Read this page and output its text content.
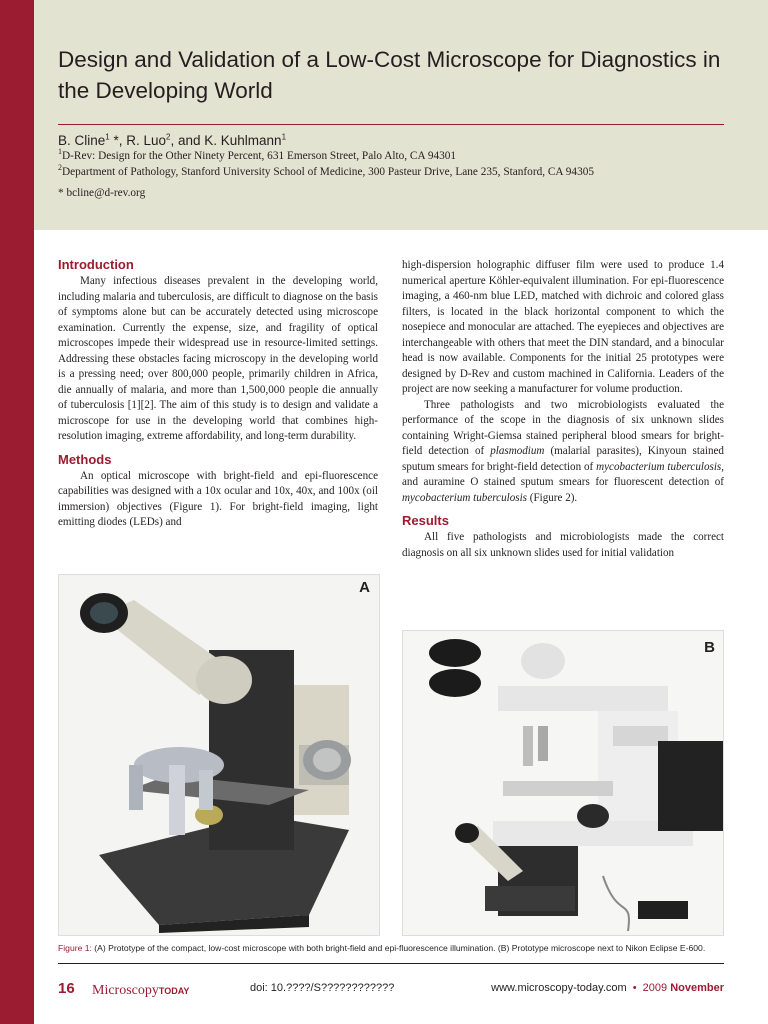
Design and Validation of a Low-Cost Microscope for Diagnostics in the Developing World
B. Cline$^1$ *, R. Luo$^2$, and K. Kuhlmann$^1$
$^1$D-Rev: Design for the Other Ninety Percent, 631 Emerson Street, Palo Alto, CA 94301
$^2$Department of Pathology, Stanford University School of Medicine, 300 Pasteur Drive, Lane 235, Stanford, CA 94305
* bcline@d-rev.org
Introduction

Many infectious diseases prevalent in the developing world, including malaria and tuberculosis, are difficult to diagnose on the basis of symptoms alone but can be accurately detected using microscope examination. Currently the expense, size, and fragility of optical microscopes impede their widespread use in resource-limited settings. Addressing these obstacles facing microscopy in the developing world is a pressing need; over 800,000 people, primarily children in Africa, die annually of malaria, and more than 1,500,000 people die annually of tuberculosis [1][2]. The aim of this study is to design and validate a microscope for use in the developing world that combines high-resolution imaging, extreme affordability, and long-term durability.

Methods

An optical microscope with bright-field and epi-fluorescence capabilities was designed with a 10x ocular and 10x, 40x, and 100x (oil immersion) objectives (Figure 1). For bright-field imaging, light emitting diodes (LEDs) and

high-dispersion holographic diffuser film were used to produce 1.4 numerical aperture Köhler-equivalent illumination. For epi-fluorescence imaging, a 460-nm blue LED, matched with dichroic and colored glass filters, is located in the black horizontal component to which the nosepiece and monocular are attached. The eyepieces and objectives are interchangeable with others that meet the DIN standard, and a binocular head is now available. Components for the initial 25 prototypes were designed by D-Rev and custom machined in California. Leaders of the project are now seeking a manufacturer for volume production.

Three pathologists and two microbiologists evaluated the performance of the scope in the diagnosis of six unknown slides containing Wright-Giemsa stained peripheral blood smears for bright-field detection of plasmodium (malarial parasites), Kinyoun stained sputum smears for bright-field detection of mycobacterium tuberculosis, and auramine O stained sputum smears for fluorescent detection of mycobacterium tuberculosis (Figure 2).

Results

All five pathologists and microbiologists made the correct diagnosis on all six unknown slides used for initial validation

A
B
Figure 1: (A) Prototype of the compact, low-cost microscope with both bright-field and epi-fluorescence illumination. (B) Prototype microscope next to Nikon Eclipse E-600.
16 MicroscopyTODAY	doi: 10.????/S????????????	www.microscopy-today.com • 2009 November
